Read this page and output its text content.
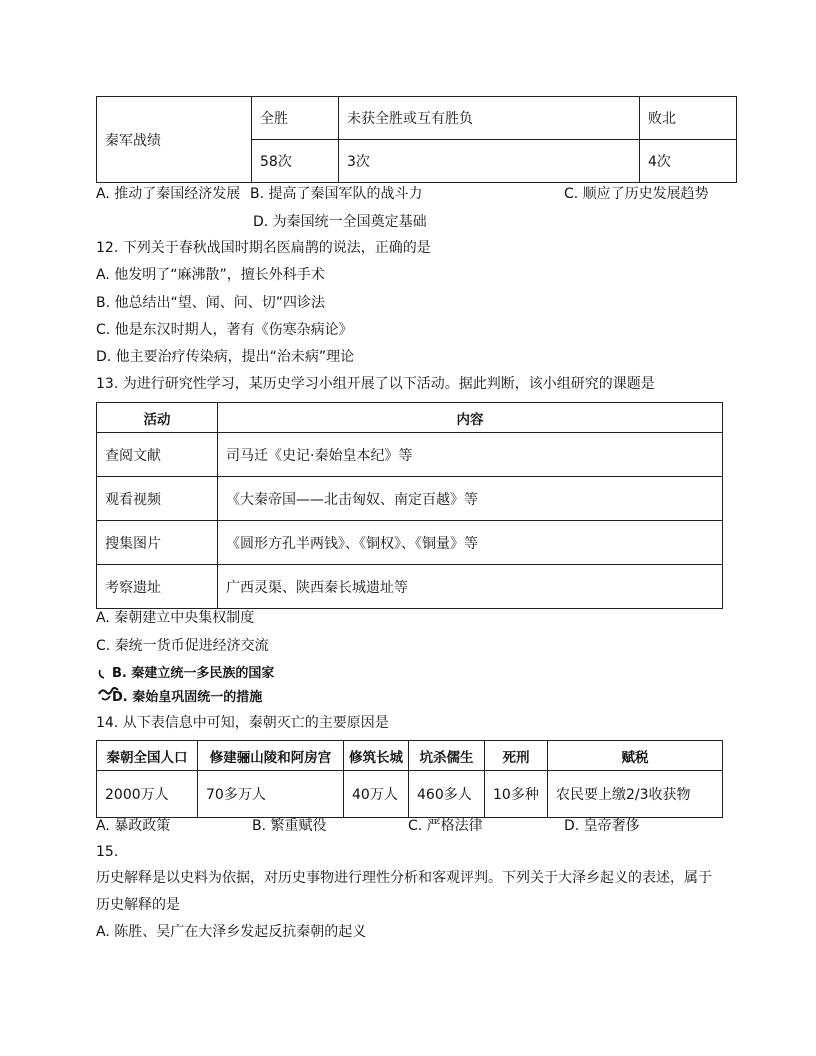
秦军战绩	全胜	未获全胜或互有胜负	败北
	58次	3次	4次
A. 推动了秦国经济发展 B. 提高了秦国军队的战斗力	C. 顺应了历史发展趋势
D. 为秦国统一全国奠定基础
12. 下列关于春秋战国时期名医扁鹊的说法，正确的是
A. 他发明了“麻沸散”，擅长外科手术
B. 他总结出“望、闻、问、切”四诊法
C. 他是东汉时期人，著有《伤寒杂病论》
D. 他主要治疗传染病，提出“治未病”理论
13. 为进行研究性学习，某历史学习小组开展了以下活动。据此判断，该小组研究的课题是
活动	内容
查阅文献	司马迁《史记·秦始皇本纪》等
观看视频	《大秦帝国——北击匈奴、南定百越》等
搜集图片	《圆形方孔半两钱》、《铜权》、《铜量》等
考察遗址	广西灵渠、陕西秦长城遗址等
A. 秦朝建立中央集权制度
C. 秦统一货币促进经济交流
B. 秦建立统一多民族的国家
D. 秦始皇巩固统一的措施
14. 从下表信息中可知，秦朝灭亡的主要原因是
秦朝全国人口	修建骊山陵和阿房宫	修筑长城	坑杀儒生	死刑	赋税
2000万人	70多万人	40万人	460多人	10多种	农民要上缴2/3收获物
A. 暴政政策	B. 繁重赋役	C. 严格法律	D. 皇帝奢侈
15.
历史解释是以史料为依据，对历史事物进行理性分析和客观评判。下列关于大泽乡起义的表述，属于
历史解释的是
A. 陈胜、吴广在大泽乡发起反抗秦朝的起义
